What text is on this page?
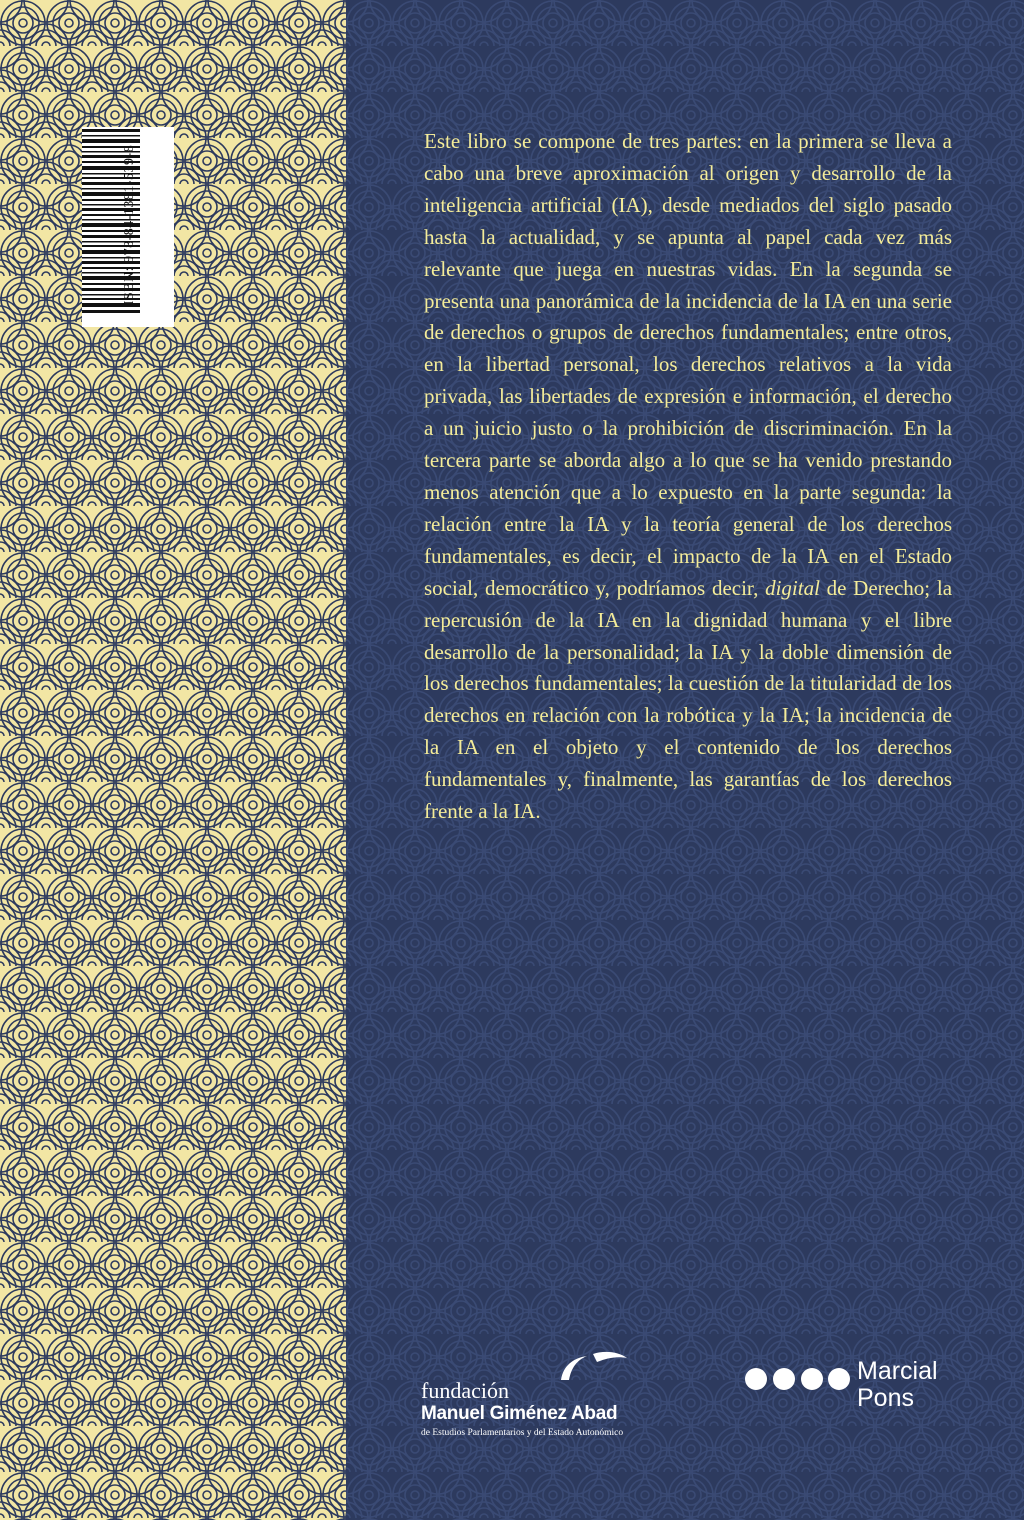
Este libro se compone de tres partes: en la primera se lleva a cabo una breve aproximación al origen y desarrollo de la inteligencia artificial (IA), desde mediados del siglo pasado hasta la actualidad, y se apunta al papel cada vez más relevante que juega en nuestras vidas. En la segunda se presenta una panorámica de la incidencia de la IA en una serie de derechos o grupos de derechos fundamentales; entre otros, en la libertad personal, los derechos relativos a la vida privada, las libertades de expresión e información, el derecho a un juicio justo o la prohibición de discriminación. En la tercera parte se aborda algo a lo que se ha venido prestando menos atención que a lo expuesto en la parte segunda: la relación entre la IA y la teoría general de los derechos fundamentales, es decir, el impacto de la IA en el Estado social, democrático y, podríamos decir, digital de Derecho; la repercusión de la IA en la dignidad humana y el libre desarrollo de la personalidad; la IA y la doble dimensión de los derechos fundamentales; la cuestión de la titularidad de los derechos en relación con la robótica y la IA; la incidencia de la IA en el objeto y el contenido de los derechos fundamentales y, finalmente, las garantías de los derechos frente a la IA.
fundación
Manuel Giménez Abad
de Estudios Parlamentarios y del Estado Autonómico
Marcial
Pons
